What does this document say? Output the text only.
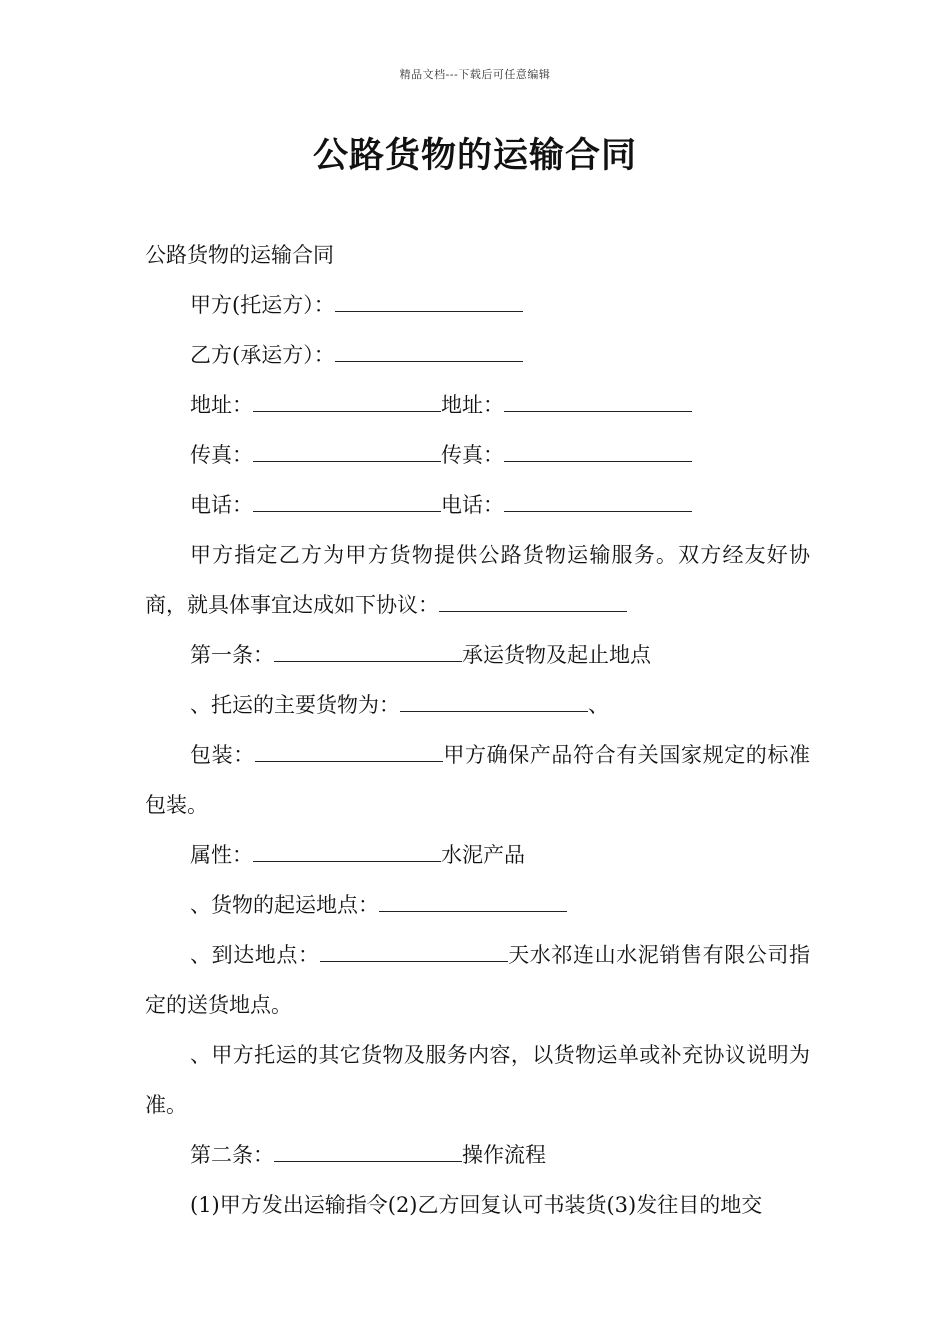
精品文档---下载后可任意编辑
公路货物的运输合同

公路货物的运输合同

甲方(托运方）：

乙方(承运方）：

地址：	地址：

传真：	传真：

电话：	电话：

甲方指定乙方为甲方货物提供公路货物运输服务。双方经友好协商，就具体事宜达成如下协议：

第一条：	承运货物及起止地点

、托运的主要货物为：	、

包装：	甲方确保产品符合有关国家规定的标准包装。

属性：	水泥产品

、货物的起运地点：

、到达地点：	天水祁连山水泥销售有限公司指定的送货地点。

、甲方托运的其它货物及服务内容，以货物运单或补充协议说明为准。

第二条：	操作流程

(1)甲方发出运输指令(2)乙方回复认可书装货(3)发往目的地交
